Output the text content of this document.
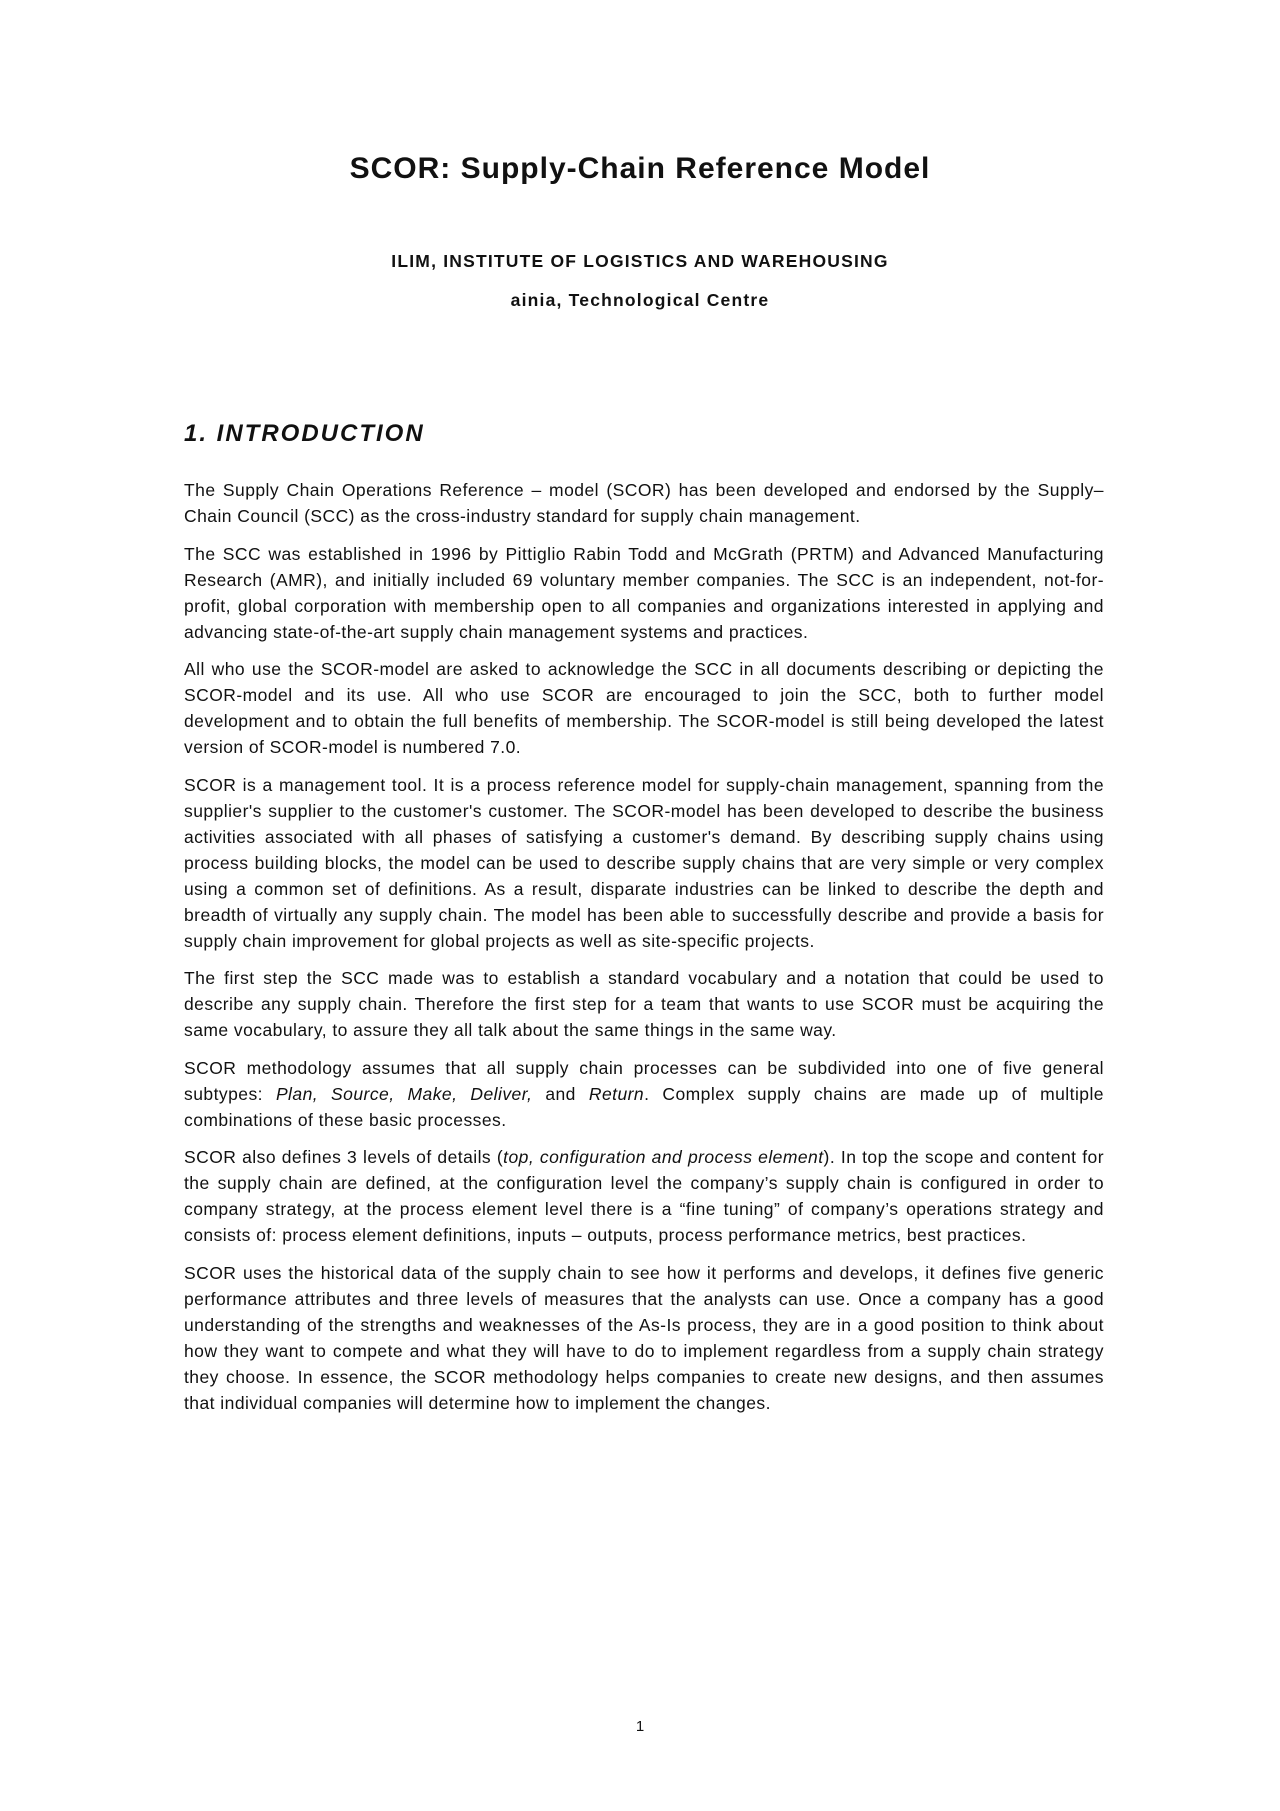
SCOR: Supply-Chain Reference Model
ILIM, INSTITUTE OF LOGISTICS AND WAREHOUSING
ainia, Technological Centre
1. INTRODUCTION

The Supply Chain Operations Reference – model (SCOR) has been developed and endorsed by the Supply–Chain Council (SCC) as the cross-industry standard for supply chain management.

The SCC was established in 1996 by Pittiglio Rabin Todd and McGrath (PRTM) and Advanced Manufacturing Research (AMR), and initially included 69 voluntary member companies. The SCC is an independent, not-for-profit, global corporation with membership open to all companies and organizations interested in applying and advancing state-of-the-art supply chain management systems and practices.

All who use the SCOR-model are asked to acknowledge the SCC in all documents describing or depicting the SCOR-model and its use. All who use SCOR are encouraged to join the SCC, both to further model development and to obtain the full benefits of membership. The SCOR-model is still being developed the latest version of SCOR-model is numbered 7.0.

SCOR is a management tool. It is a process reference model for supply-chain management, spanning from the supplier's supplier to the customer's customer. The SCOR-model has been developed to describe the business activities associated with all phases of satisfying a customer's demand. By describing supply chains using process building blocks, the model can be used to describe supply chains that are very simple or very complex using a common set of definitions. As a result, disparate industries can be linked to describe the depth and breadth of virtually any supply chain. The model has been able to successfully describe and provide a basis for supply chain improvement for global projects as well as site-specific projects.

The first step the SCC made was to establish a standard vocabulary and a notation that could be used to describe any supply chain. Therefore the first step for a team that wants to use SCOR must be acquiring the same vocabulary, to assure they all talk about the same things in the same way.

SCOR methodology assumes that all supply chain processes can be subdivided into one of five general subtypes: Plan, Source, Make, Deliver, and Return. Complex supply chains are made up of multiple combinations of these basic processes.

SCOR also defines 3 levels of details (top, configuration and process element). In top the scope and content for the supply chain are defined, at the configuration level the company’s supply chain is configured in order to company strategy, at the process element level there is a “fine tuning” of company’s operations strategy and consists of: process element definitions, inputs – outputs, process performance metrics, best practices.

SCOR uses the historical data of the supply chain to see how it performs and develops, it defines five generic performance attributes and three levels of measures that the analysts can use. Once a company has a good understanding of the strengths and weaknesses of the As-Is process, they are in a good position to think about how they want to compete and what they will have to do to implement regardless from a supply chain strategy they choose. In essence, the SCOR methodology helps companies to create new designs, and then assumes that individual companies will determine how to implement the changes.

1
